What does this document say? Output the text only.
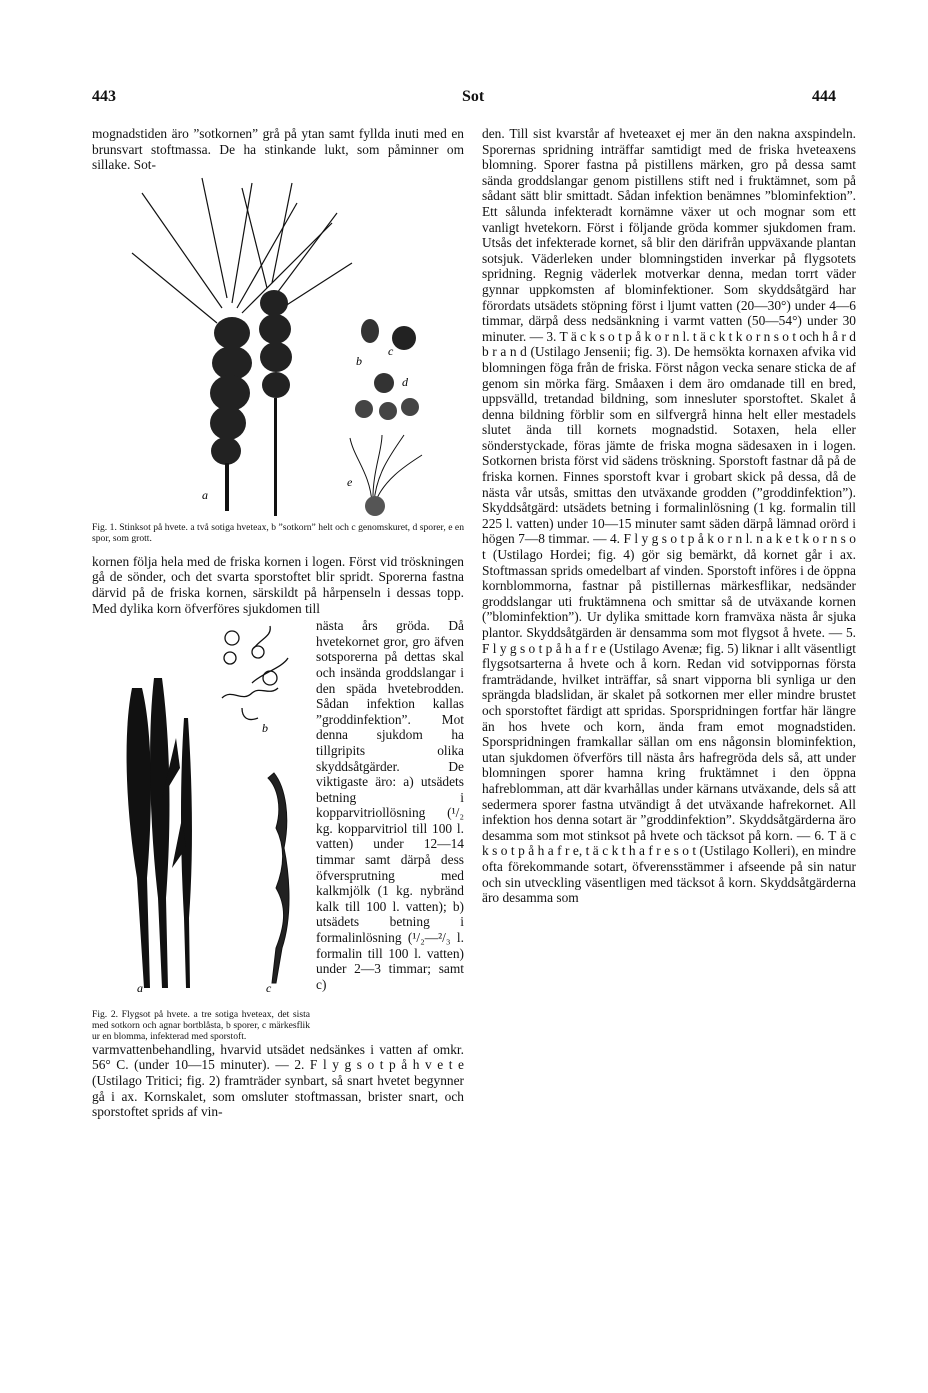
443	Sot	444

mognadstiden äro ”sotkornen” grå på ytan samt fyllda inuti med en brunsvart stoftmassa. De ha stinkande lukt, som påminner om sillake. Sot-

a
b
c
d
e

Fig. 1. Stinksot på hvete. a två sotiga hveteax, b ”sotkorn” helt och c genomskuret, d sporer, e en spor, som grott.

kornen följa hela med de friska kornen i logen. Först vid tröskningen gå de sönder, och det svarta sporstoftet blir spridt. Sporerna fastna därvid på de friska kornen, särskildt på hårpenseln i dessas topp. Med dylika korn öfverföres sjukdomen till

a
b
c

Fig. 2. Flygsot på hvete. a tre sotiga hveteax, det sista med sotkorn och agnar bortblåsta, b sporer, c märkesflik ur en blomma, infekterad med sporstoft.

nästa års gröda. Då hvetekornet gror, gro äfven sotsporerna på dettas skal och insända groddslangar i den späda hvetebrodden. Sådan infektion kallas ”groddinfektion”. Mot denna sjukdom ha tillgripits olika skyddsåtgärder. De viktigaste äro: a) utsädets betning i kopparvitriollösning (¹/₂ kg. kopparvitriol till 100 l. vatten) under 12—14 timmar samt därpå dess öfversprutning med kalkmjölk (1 kg. nybränd kalk till 100 l. vatten); b) utsädets betning i formalinlösning (¹/₂—²/₃ l. formalin till 100 l. vatten) under 2—3 timmar; samt c)

varmvattenbehandling, hvarvid utsädet nedsänkes i vatten af omkr. 56° C. (under 10—15 minuter). — 2. F l y g s o t p å h v e t e (Ustilago Tritici; fig. 2) framträder synbart, så snart hvetet begynner gå i ax. Kornskalet, som omsluter stoftmassan, brister snart, och sporstoftet sprids af vin-

den. Till sist kvarstår af hveteaxet ej mer än den nakna axspindeln. Sporernas spridning inträffar samtidigt med de friska hveteaxens blomning. Sporer fastna på pistillens märken, gro på dessa samt sända groddslangar genom pistillens stift ned i fruktämnet, som på sådant sätt blir smittadt. Sådan infektion benämnes ”blominfektion”. Ett sålunda infekteradt kornämne växer ut och mognar som ett vanligt hvetekorn. Först i följande gröda kommer sjukdomen fram. Utsås det infekterade kornet, så blir den därifrån uppväxande plantan sotsjuk. Väderleken under blomningstiden inverkar på flygsotets spridning. Regnig väderlek motverkar denna, medan torrt väder gynnar uppkomsten af blominfektioner. Som skyddsåtgärd har förordats utsädets stöpning först i ljumt vatten (20—30°) under 4—6 timmar, därpå dess nedsänkning i varmt vatten (50—54°) under 30 minuter. — 3. T ä c k s o t p å k o r n l. t ä c k t k o r n s o t och h å r d b r a n d (Ustilago Jensenii; fig. 3). De hemsökta kornaxen afvika vid blomningen föga från de friska. Först någon vecka senare sticka de af genom sin mörka färg. Småaxen i dem äro omdanade till en bred, uppsvälld, tretandad bildning, som innesluter sporstoftet. Skalet å denna bildning förblir som en silfvergrå hinna helt eller mestadels slutet ända till kornets mognadstid. Sotaxen, hela eller sönderstyckade, föras jämte de friska mogna sädesaxen in i logen. Sotkornen brista först vid sädens tröskning. Sporstoft fastnar då på de friska kornen. Finnes sporstoft kvar i grobart skick på dessa, då de nästa vår utsås, smittas den utväxande grodden (”groddinfektion”). Skyddsåtgärd: utsädets betning i formalinlösning (1 kg. formalin till 225 l. vatten) under 10—15 minuter samt säden därpå lämnad orörd i högen 7—8 timmar. — 4. F l y g s o t p å k o r n l. n a k e t k o r n s o t (Ustilago Hordei; fig. 4) gör sig bemärkt, då kornet går i ax. Stoftmassan sprids omedelbart af vinden. Sporstoft införes i de öppna kornblommorna, fastnar på pistillernas märkesflikar, nedsänder groddslangar uti fruktämnena och smittar så de utväxande kornen (”blominfektion”). Ur dylika smittade korn framväxa nästa år sjuka plantor. Skyddsåtgärden är densamma som mot flygsot å hvete. — 5. F l y g s o t p å h a f r e (Ustilago Avenæ; fig. 5) liknar i allt väsentligt flygsotsarterna å hvete och å korn. Redan vid sotvippornas första framträdande, hvilket inträffar, så snart vipporna bli synliga ur den sprängda bladslidan, är skalet på sotkornen mer eller mindre brustet och sporstoftet färdigt att spridas. Sporspridningen fortfar här längre än hos hvete och korn, ända fram emot mognadstiden. Sporspridningen framkallar sällan om ens någonsin blominfektion, utan sjukdomen öfverförs till nästa års hafregröda dels så, att under blomningen sporer hamna kring fruktämnet i den öppna hafreblomman, att där kvarhållas under kärnans utväxande, dels så att sedermera sporer fastna utvändigt å det utväxande hafrekornet. All infektion hos denna sotart är ”groddinfektion”. Skyddsåtgärderna äro desamma som mot stinksot på hvete och täcksot på korn. — 6. T ä c k s o t p å h a f r e, t ä c k t h a f r e s o t (Ustilago Kolleri), en mindre ofta förekommande sotart, öfverensstämmer i afseende på sin natur och sin utveckling väsentligen med täcksot å korn. Skyddsåtgärderna äro desamma som
